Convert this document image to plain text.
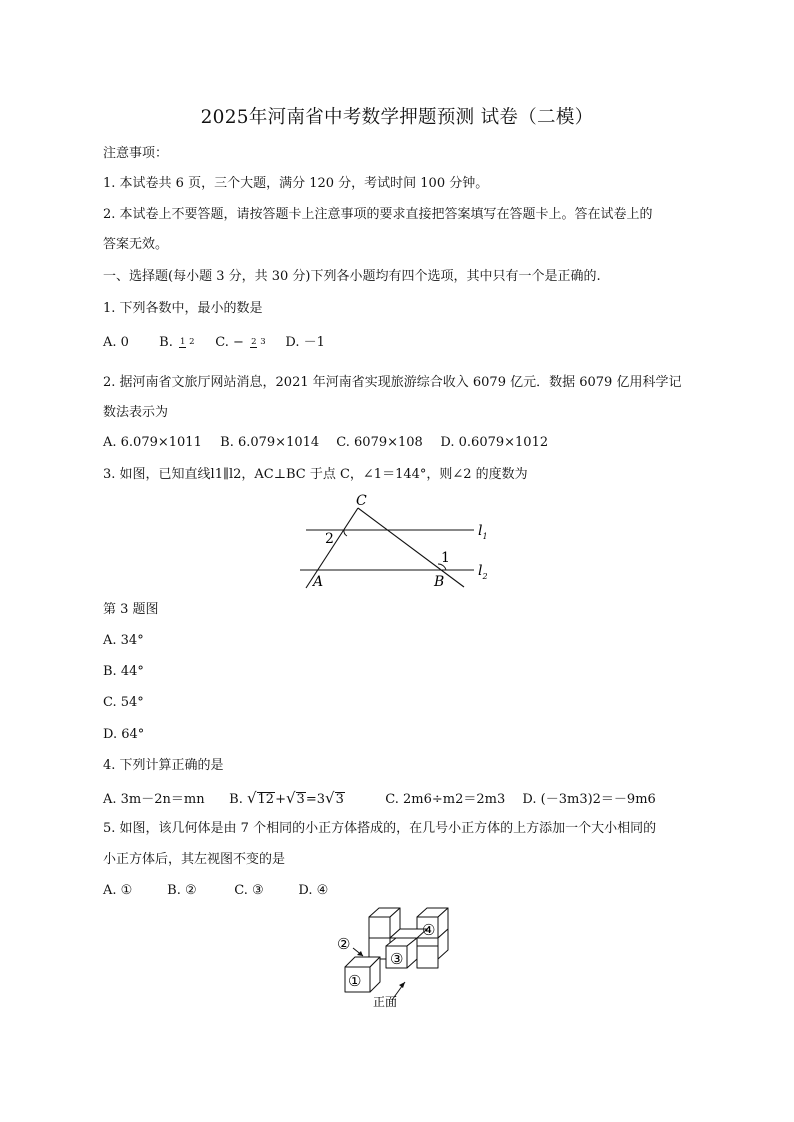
2025年河南省中考数学押题预测 试卷（二模）
注意事项：
1. 本试卷共 6 页，三个大题，满分 120 分，考试时间 100 分钟。
2. 本试卷上不要答题，请按答题卡上注意事项的要求直接把答案填写在答题卡上。答在试卷上的
答案无效。
一、选择题(每小题 3 分，共 30 分)下列各小题均有四个选项，其中只有一个是正确的.
1. 下列各数中，最小的数是
A. 0 B. 1 2 C. − 2 3 D. －1
2. 据河南省文旅厅网站消息，2021 年河南省实现旅游综合收入 6079 亿元．数据 6079 亿用科学记
数法表示为
A. 6.079×1011 B. 6.079×1014 C. 6079×108 D. 0.6079×1012
3. 如图，已知直线l1∥l2，AC⊥BC 于点 C，∠1＝144°，则∠2 的度数为
C
A	B
1
2	$l_1$
$l_2$
第 3 题图
A. 34°
B. 44°
C. 54°
D. 64°
4. 下列计算正确的是
A. 3m－2n＝mn B. √12+√3=3√3	C. 2m6÷m2＝2m3 D. (－3m3)2＝－9m6
5. 如图，该几何体是由 7 个相同的小正方体搭成的，在几号小正方体的上方添加一个大小相同的
小正方体后，其左视图不变的是
A. ①	B. ②	C. ③	D. ④
①
②
③
④
正面
